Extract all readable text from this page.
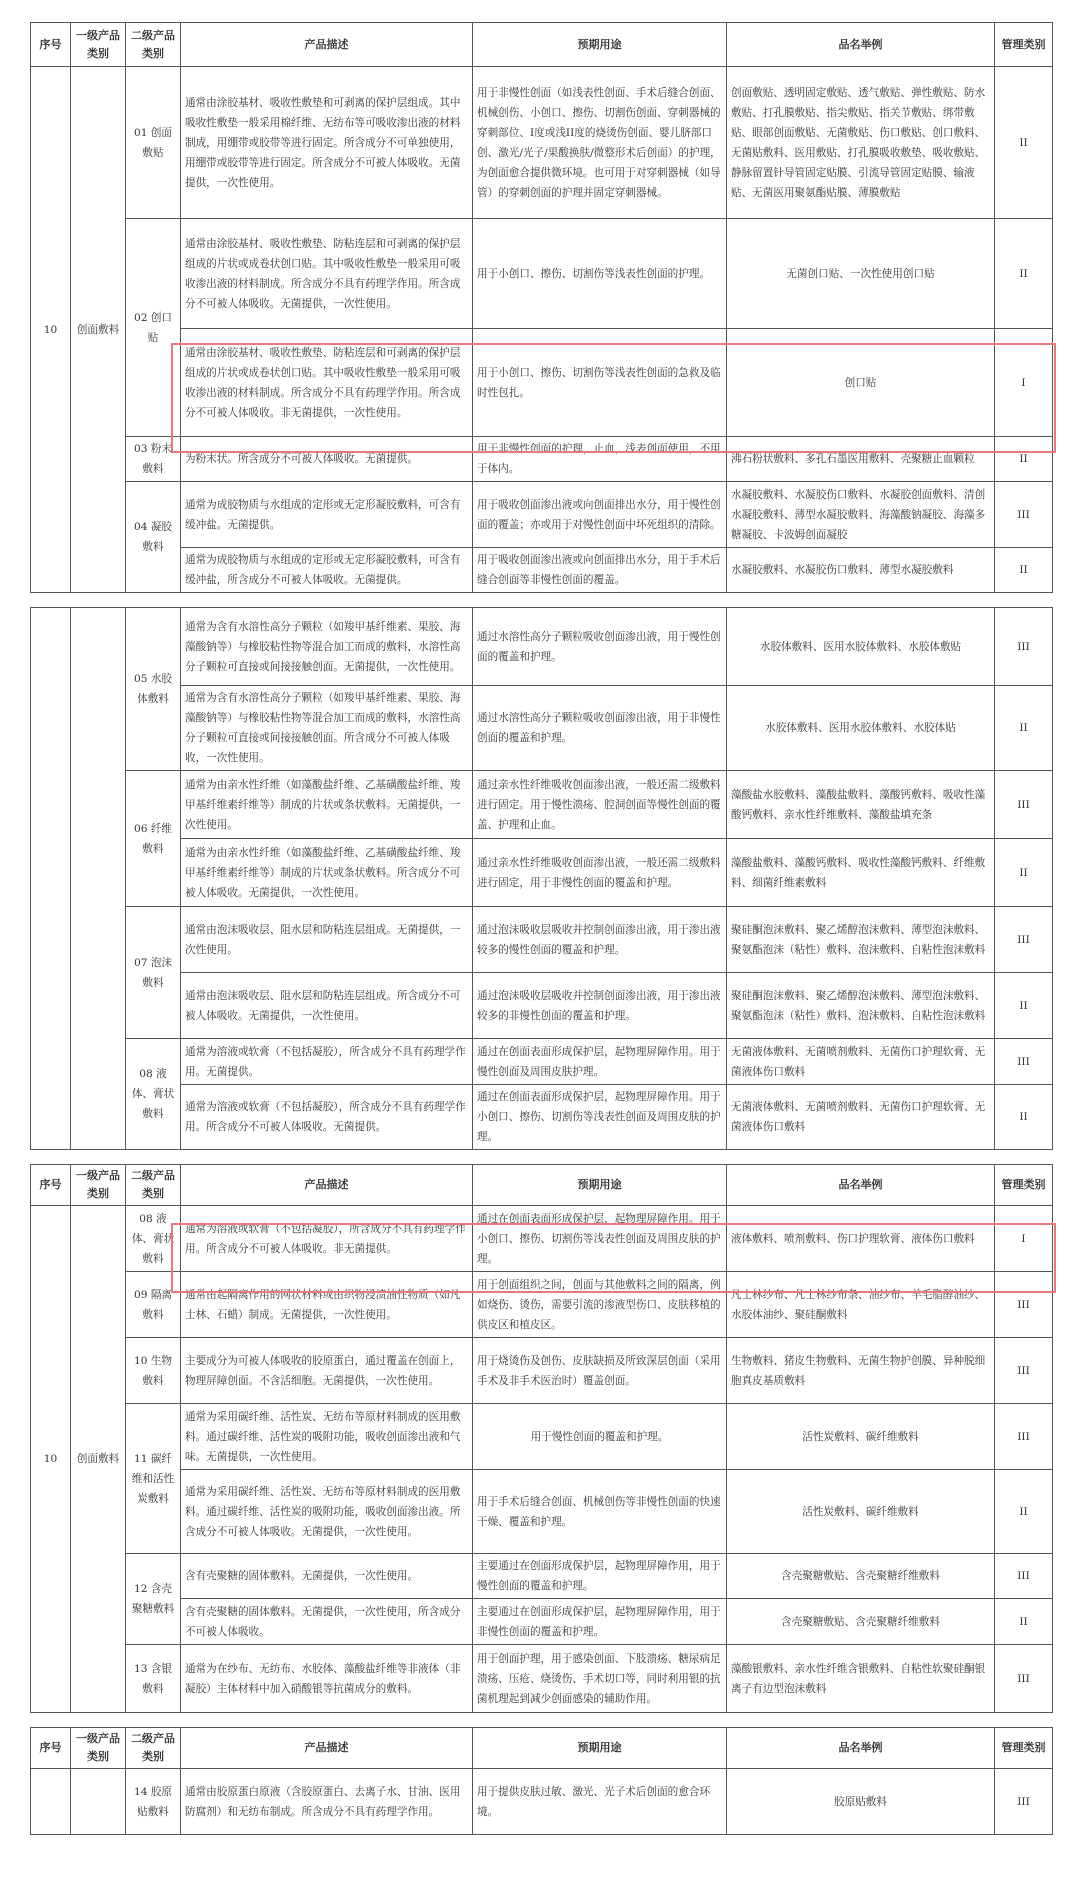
序号	一级产品类别	二级产品类别	产品描述	预期用途	品名举例	管理类别
10	创面敷料	01 创面敷贴	通常由涂胶基材、吸收性敷垫和可剥离的保护层组成。其中吸收性敷垫一般采用棉纤维、无纺布等可吸收渗出液的材料制成，用绷带或胶带等进行固定。所含成分不可单独使用，用绷带或胶带等进行固定。所含成分不可被人体吸收。无菌提供，一次性使用。	用于非慢性创面（如浅表性创面、手术后缝合创面、机械创伤、小创口、擦伤、切割伤创面、穿刺器械的穿刺部位、I度或浅II度的烧烫伤创面、婴儿脐部口创、激光/光子/果酸换肤/微整形术后创面）的护理，为创面愈合提供微环境。也可用于对穿刺器械（如导管）的穿刺创面的护理并固定穿刺器械。	创面敷贴、透明固定敷贴、透气敷贴、弹性敷贴、防水敷贴、打孔膜敷贴、指尖敷贴、指关节敷贴、绑带敷贴、眼部创面敷贴、无菌敷贴、伤口敷贴、创口敷料、无菌贴敷料、医用敷贴、打孔膜吸收敷垫、吸收敷贴、静脉留置针导管固定贴膜、引流导管固定贴膜、输液贴、无菌医用聚氨酯贴膜、薄膜敷贴	II
		02 创口贴	通常由涂胶基材、吸收性敷垫、防粘连层和可剥离的保护层组成的片状或成卷状创口贴。其中吸收性敷垫一般采用可吸收渗出液的材料制成。所含成分不具有药理学作用。所含成分不可被人体吸收。无菌提供，一次性使用。	用于小创口、擦伤、切割伤等浅表性创面的护理。	无菌创口贴、一次性使用创口贴	II
			通常由涂胶基材、吸收性敷垫、防粘连层和可剥离的保护层组成的片状或成卷状创口贴。其中吸收性敷垫一般采用可吸收渗出液的材料制成。所含成分不具有药理学作用。所含成分不可被人体吸收。非无菌提供，一次性使用。	用于小创口、擦伤、切割伤等浅表性创面的急救及临时性包扎。	创口贴	I
		03 粉末敷料	为粉末状。所含成分不可被人体吸收。无菌提供。	用于非慢性创面的护理，止血，浅表创面使用，不用于体内。	沸石粉状敷料、多孔石墨医用敷料、壳聚糖止血颗粒	II
		04 凝胶敷料	通常为成胶物质与水组成的定形或无定形凝胶敷料，可含有缓冲盐。无菌提供。	用于吸收创面渗出液或向创面排出水分，用于慢性创面的覆盖；亦或用于对慢性创面中坏死组织的清除。	水凝胶敷料、水凝胶伤口敷料、水凝胶创面敷料、清创水凝胶敷料、薄型水凝胶敷料、海藻酸钠凝胶、海藻多糖凝胶、卡波姆创面凝胶	III
			通常为成胶物质与水组成的定形或无定形凝胶敷料，可含有缓冲盐，所含成分不可被人体吸收。无菌提供。	用于吸收创面渗出液或向创面排出水分，用于手术后缝合创面等非慢性创面的覆盖。	水凝胶敷料、水凝胶伤口敷料、薄型水凝胶敷料	II
		05 水胶体敷料	通常为含有水溶性高分子颗粒（如羧甲基纤维素、果胶、海藻酸钠等）与橡胶粘性物等混合加工而成的敷料，水溶性高分子颗粒可直接或间接接触创面。无菌提供，一次性使用。	通过水溶性高分子颗粒吸收创面渗出液，用于慢性创面的覆盖和护理。	水胶体敷料、医用水胶体敷料、水胶体敷贴	III
			通常为含有水溶性高分子颗粒（如羧甲基纤维素、果胶、海藻酸钠等）与橡胶粘性物等混合加工而成的敷料，水溶性高分子颗粒可直接或间接接触创面。所含成分不可被人体吸收，一次性使用。	通过水溶性高分子颗粒吸收创面渗出液，用于非慢性创面的覆盖和护理。	水胶体敷料、医用水胶体敷料、水胶体贴	II
		06 纤维敷料	通常为由亲水性纤维（如藻酸盐纤维、乙基磺酸盐纤维、羧甲基纤维素纤维等）制成的片状或条状敷料。无菌提供，一次性使用。	通过亲水性纤维吸收创面渗出液，一般还需二级敷料进行固定。用于慢性溃疡、腔洞创面等慢性创面的覆盖、护理和止血。	藻酸盐水胶敷料、藻酸盐敷料、藻酸钙敷料、吸收性藻酸钙敷料、亲水性纤维敷料、藻酸盐填充条	III
			通常为由亲水性纤维（如藻酸盐纤维、乙基磺酸盐纤维、羧甲基纤维素纤维等）制成的片状或条状敷料。所含成分不可被人体吸收。无菌提供，一次性使用。	通过亲水性纤维吸收创面渗出液，一般还需二级敷料进行固定，用于非慢性创面的覆盖和护理。	藻酸盐敷料、藻酸钙敷料、吸收性藻酸钙敷料、纤维敷料、细菌纤维素敷料	II
		07 泡沫敷料	通常由泡沫吸收层、阻水层和防粘连层组成。无菌提供，一次性使用。	通过泡沫吸收层吸收并控制创面渗出液，用于渗出液较多的慢性创面的覆盖和护理。	聚硅酮泡沫敷料、聚乙烯醇泡沫敷料、薄型泡沫敷料、聚氨酯泡沫（粘性）敷料、泡沫敷料、自粘性泡沫敷料	III
			通常由泡沫吸收层、阻水层和防粘连层组成。所含成分不可被人体吸收。无菌提供，一次性使用。	通过泡沫吸收层吸收并控制创面渗出液，用于渗出液较多的非慢性创面的覆盖和护理。	聚硅酮泡沫敷料、聚乙烯醇泡沫敷料、薄型泡沫敷料、聚氨酯泡沫（粘性）敷料、泡沫敷料、自粘性泡沫敷料	II
		08 液体、膏状敷料	通常为溶液或软膏（不包括凝胶），所含成分不具有药理学作用。无菌提供。	通过在创面表面形成保护层，起物理屏障作用。用于慢性创面及周围皮肤护理。	无菌液体敷料、无菌喷剂敷料、无菌伤口护理软膏、无菌液体伤口敷料	III
			通常为溶液或软膏（不包括凝胶），所含成分不具有药理学作用。所含成分不可被人体吸收。无菌提供。	通过在创面表面形成保护层，起物理屏障作用。用于小创口、擦伤、切割伤等浅表性创面及周围皮肤的护理。	无菌液体敷料、无菌喷剂敷料、无菌伤口护理软膏、无菌液体伤口敷料	II
序号	一级产品类别	二级产品类别	产品描述	预期用途	品名举例	管理类别
10	创面敷料	08 液体、膏状敷料	通常为溶液或软膏（不包括凝胶），所含成分不具有药理学作用。所含成分不可被人体吸收。非无菌提供。	通过在创面表面形成保护层，起物理屏障作用。用于小创口、擦伤、切割伤等浅表性创面及周围皮肤的护理。	液体敷料、喷剂敷料、伤口护理软膏、液体伤口敷料	I
		09 隔离敷料	通常由起隔离作用的网状材料或由织物浸渍油性物质（如凡士林、石蜡）制成。无菌提供，一次性使用。	用于创面组织之间，创面与其他敷料之间的隔离，例如烧伤、烫伤，需要引流的渗液型伤口、皮肤移植的供皮区和植皮区。	凡士林纱布、凡士林纱布条、油纱布、羊毛脂醇油纱、水胶体油纱、聚硅酮敷料	III
		10 生物敷料	主要成分为可被人体吸收的胶原蛋白，通过覆盖在创面上，物理屏障创面。不含活细胞。无菌提供，一次性使用。	用于烧烫伤及创伤、皮肤缺损及所致深层创面（采用手术及非手术医治时）覆盖创面。	生物敷料、猪皮生物敷料、无菌生物护创膜、异种脱细胞真皮基质敷料	III
		11 碳纤维和活性炭敷料	通常为采用碳纤维、活性炭、无纺布等原材料制成的医用敷料。通过碳纤维、活性炭的吸附功能，吸收创面渗出液和气味。无菌提供，一次性使用。	用于慢性创面的覆盖和护理。	活性炭敷料、碳纤维敷料	III
			通常为采用碳纤维、活性炭、无纺布等原材料制成的医用敷料。通过碳纤维、活性炭的吸附功能，吸收创面渗出液。所含成分不可被人体吸收。无菌提供，一次性使用。	用于手术后缝合创面、机械创伤等非慢性创面的快速干燥、覆盖和护理。	活性炭敷料、碳纤维敷料	II
		12 含壳聚糖敷料	含有壳聚糖的固体敷料。无菌提供，一次性使用。	主要通过在创面形成保护层，起物理屏障作用，用于慢性创面的覆盖和护理。	含壳聚糖敷贴、含壳聚糖纤维敷料	III
			含有壳聚糖的固体敷料。无菌提供，一次性使用，所含成分不可被人体吸收。	主要通过在创面形成保护层，起物理屏障作用，用于非慢性创面的覆盖和护理。	含壳聚糖敷贴、含壳聚糖纤维敷料	II
		13 含银敷料	通常为在纱布、无纺布、水胶体、藻酸盐纤维等非液体（非凝胶）主体材料中加入硝酸银等抗菌成分的敷料。	用于创面护理，用于感染创面、下肢溃疡、糖尿病足溃疡、压疮、烧烫伤、手术切口等，同时利用银的抗菌机理起到减少创面感染的辅助作用。	藻酸银敷料、亲水性纤维含银敷料、自粘性软聚硅酮银离子有边型泡沫敷料	III
序号	一级产品类别	二级产品类别	产品描述	预期用途	品名举例	管理类别
		14 胶原贴敷料	通常由胶原蛋白原液（含胶原蛋白、去离子水、甘油、医用防腐剂）和无纺布制成。所含成分不具有药理学作用。	用于提供皮肤过敏、激光、光子术后创面的愈合环境。	胶原贴敷料	III
